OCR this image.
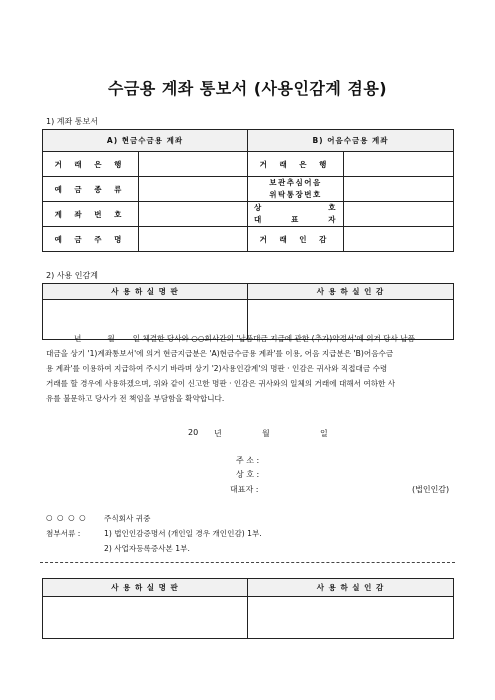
수금용 계좌 통보서 (사용인감계 겸용)
1) 계좌 통보서
A) 현금수금용 계좌		B) 어음수금용 계좌	
거 래 은 행		거 래 은 행	
예 금 종 류		보관추심어음
위탁통장번호	

계 좌 번 호		상 호
대 표 자	

예 금 주 명		거 래 인 감	
2) 사용 인감계
사 용 하 실 명 판	사 용 하 실 인 감

년	월 일 체결한 당사와 ○○회사간의 '납품대금 지급에 관한 (추가)약정서'에 의거 당사 납품
대금을 상기 '1)계좌통보서'에 의거 현금지급분은 'A)현금수금용 계좌'를 이용, 어음 지급분은 'B)어음수금
용 계좌'를 이용하여 지급하여 주시기 바라며 상기 '2)사용인감계'의 명판 · 인감은 귀사와 직접대금 수령
거래를 할 경우에 사용하겠으며, 위와 같이 신고한 명판 · 인감은 귀사와의 일체의 거래에 대해서 여하한 사
유를 불문하고 당사가 전 책임을 부담함을 확약합니다.
20 년	월	일
주 소 :
상 호 :
대표자 :	(법인인감)
○ ○ ○ ○ 주식회사 귀중
첨부서류 :	1) 법인인감증명서 (개인일 경우 개인인감) 1부.
2) 사업자등록증사본 1부.
사 용 하 실 명 판	사 용 하 실 인 감
